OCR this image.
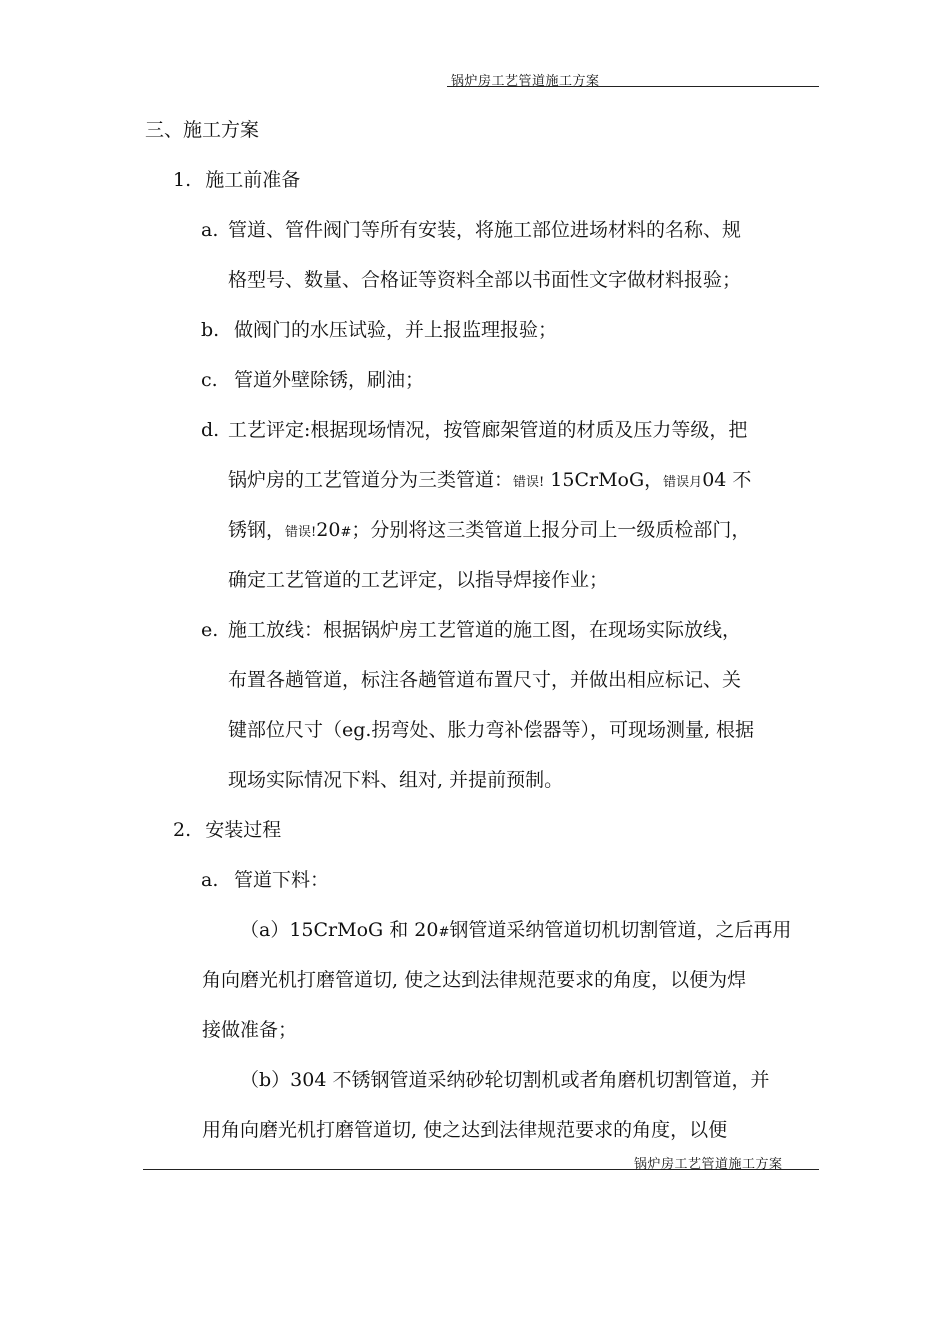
锅炉房工艺管道施工方案
三、施工方案
1. 施工前准备
a. 管道、管件阀门等所有安装，将施工部位进场材料的名称、规
格型号、数量、合格证等资料全部以书面性文字做材料报验；
b. 做阀门的水压试验，并上报监理报验；
c. 管道外壁除锈，刷油；
d. 工艺评定:根据现场情况，按管廊架管道的材质及压力等级，把
锅炉房的工艺管道分为三类管道：错误! 15CrMoG，错误月04 不
锈钢，错误!20#；分别将这三类管道上报分司上一级质检部门，
确定工艺管道的工艺评定，以指导焊接作业；
e. 施工放线：根据锅炉房工艺管道的施工图，在现场实际放线，
布置各趟管道，标注各趟管道布置尺寸，并做出相应标记、关
键部位尺寸（eg.拐弯处、胀力弯补偿器等），可现场测量, 根据
现场实际情况下料、组对, 并提前预制。
2. 安装过程
a. 管道下料：
（a）15CrMoG 和 20#钢管道采纳管道切机切割管道，之后再用
角向磨光机打磨管道切, 使之达到法律规范要求的角度，以便为焊
接做准备；
（b）304 不锈钢管道采纳砂轮切割机或者角磨机切割管道，并
用角向磨光机打磨管道切, 使之达到法律规范要求的角度，以便
锅炉房工艺管道施工方案
